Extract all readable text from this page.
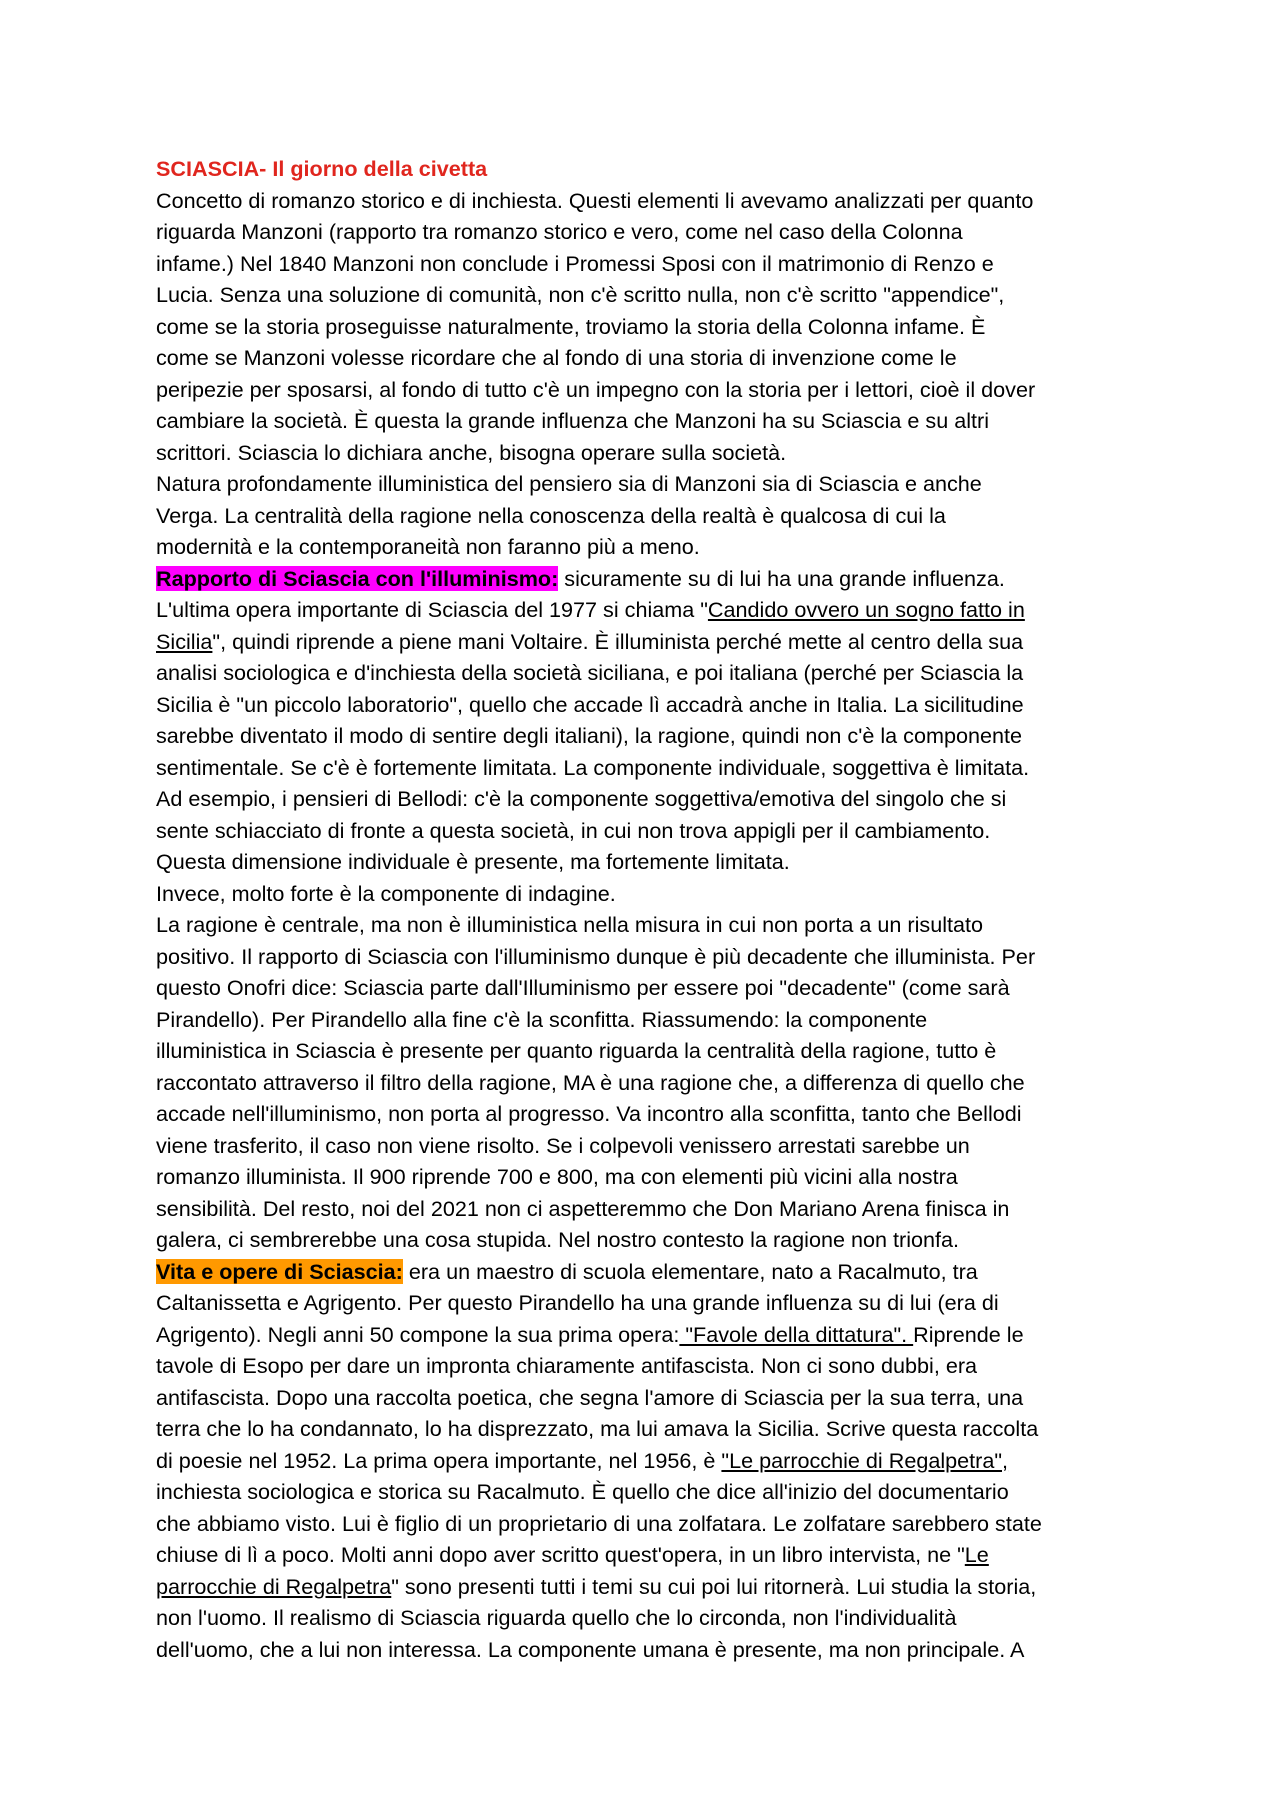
SCIASCIA- Il giorno della civetta
Concetto di romanzo storico e di inchiesta. Questi elementi li avevamo analizzati per quanto
riguarda Manzoni (rapporto tra romanzo storico e vero, come nel caso della Colonna
infame.) Nel 1840 Manzoni non conclude i Promessi Sposi con il matrimonio di Renzo e
Lucia. Senza una soluzione di comunità, non c'è scritto nulla, non c'è scritto "appendice",
come se la storia proseguisse naturalmente, troviamo la storia della Colonna infame. È
come se Manzoni volesse ricordare che al fondo di una storia di invenzione come le
peripezie per sposarsi, al fondo di tutto c'è un impegno con la storia per i lettori, cioè il dover
cambiare la società. È questa la grande influenza che Manzoni ha su Sciascia e su altri
scrittori. Sciascia lo dichiara anche, bisogna operare sulla società.
Natura profondamente illuministica del pensiero sia di Manzoni sia di Sciascia e anche
Verga. La centralità della ragione nella conoscenza della realtà è qualcosa di cui la
modernità e la contemporaneità non faranno più a meno.
Rapporto di Sciascia con l'illuminismo: sicuramente su di lui ha una grande influenza.
L'ultima opera importante di Sciascia del 1977 si chiama "Candido ovvero un sogno fatto in
Sicilia", quindi riprende a piene mani Voltaire. È illuminista perché mette al centro della sua
analisi sociologica e d'inchiesta della società siciliana, e poi italiana (perché per Sciascia la
Sicilia è "un piccolo laboratorio", quello che accade lì accadrà anche in Italia. La sicilitudine
sarebbe diventato il modo di sentire degli italiani), la ragione, quindi non c'è la componente
sentimentale. Se c'è è fortemente limitata. La componente individuale, soggettiva è limitata.
Ad esempio, i pensieri di Bellodi: c'è la componente soggettiva/emotiva del singolo che si
sente schiacciato di fronte a questa società, in cui non trova appigli per il cambiamento.
Questa dimensione individuale è presente, ma fortemente limitata.
Invece, molto forte è la componente di indagine.
La ragione è centrale, ma non è illuministica nella misura in cui non porta a un risultato
positivo. Il rapporto di Sciascia con l'illuminismo dunque è più decadente che illuminista. Per
questo Onofri dice: Sciascia parte dall'Illuminismo per essere poi "decadente" (come sarà
Pirandello). Per Pirandello alla fine c'è la sconfitta. Riassumendo: la componente
illuministica in Sciascia è presente per quanto riguarda la centralità della ragione, tutto è
raccontato attraverso il filtro della ragione, MA è una ragione che, a differenza di quello che
accade nell'illuminismo, non porta al progresso. Va incontro alla sconfitta, tanto che Bellodi
viene trasferito, il caso non viene risolto. Se i colpevoli venissero arrestati sarebbe un
romanzo illuminista. Il 900 riprende 700 e 800, ma con elementi più vicini alla nostra
sensibilità. Del resto, noi del 2021 non ci aspetteremmo che Don Mariano Arena finisca in
galera, ci sembrerebbe una cosa stupida. Nel nostro contesto la ragione non trionfa.
Vita e opere di Sciascia: era un maestro di scuola elementare, nato a Racalmuto, tra
Caltanissetta e Agrigento. Per questo Pirandello ha una grande influenza su di lui (era di
Agrigento). Negli anni 50 compone la sua prima opera: "Favole della dittatura". Riprende le
tavole di Esopo per dare un impronta chiaramente antifascista. Non ci sono dubbi, era
antifascista. Dopo una raccolta poetica, che segna l'amore di Sciascia per la sua terra, una
terra che lo ha condannato, lo ha disprezzato, ma lui amava la Sicilia. Scrive questa raccolta
di poesie nel 1952. La prima opera importante, nel 1956, è "Le parrocchie di Regalpetra",
inchiesta sociologica e storica su Racalmuto. È quello che dice all'inizio del documentario
che abbiamo visto. Lui è figlio di un proprietario di una zolfatara. Le zolfatare sarebbero state
chiuse di lì a poco. Molti anni dopo aver scritto quest'opera, in un libro intervista, ne "Le
parrocchie di Regalpetra" sono presenti tutti i temi su cui poi lui ritornerà. Lui studia la storia,
non l'uomo. Il realismo di Sciascia riguarda quello che lo circonda, non l'individualità
dell'uomo, che a lui non interessa. La componente umana è presente, ma non principale. A
